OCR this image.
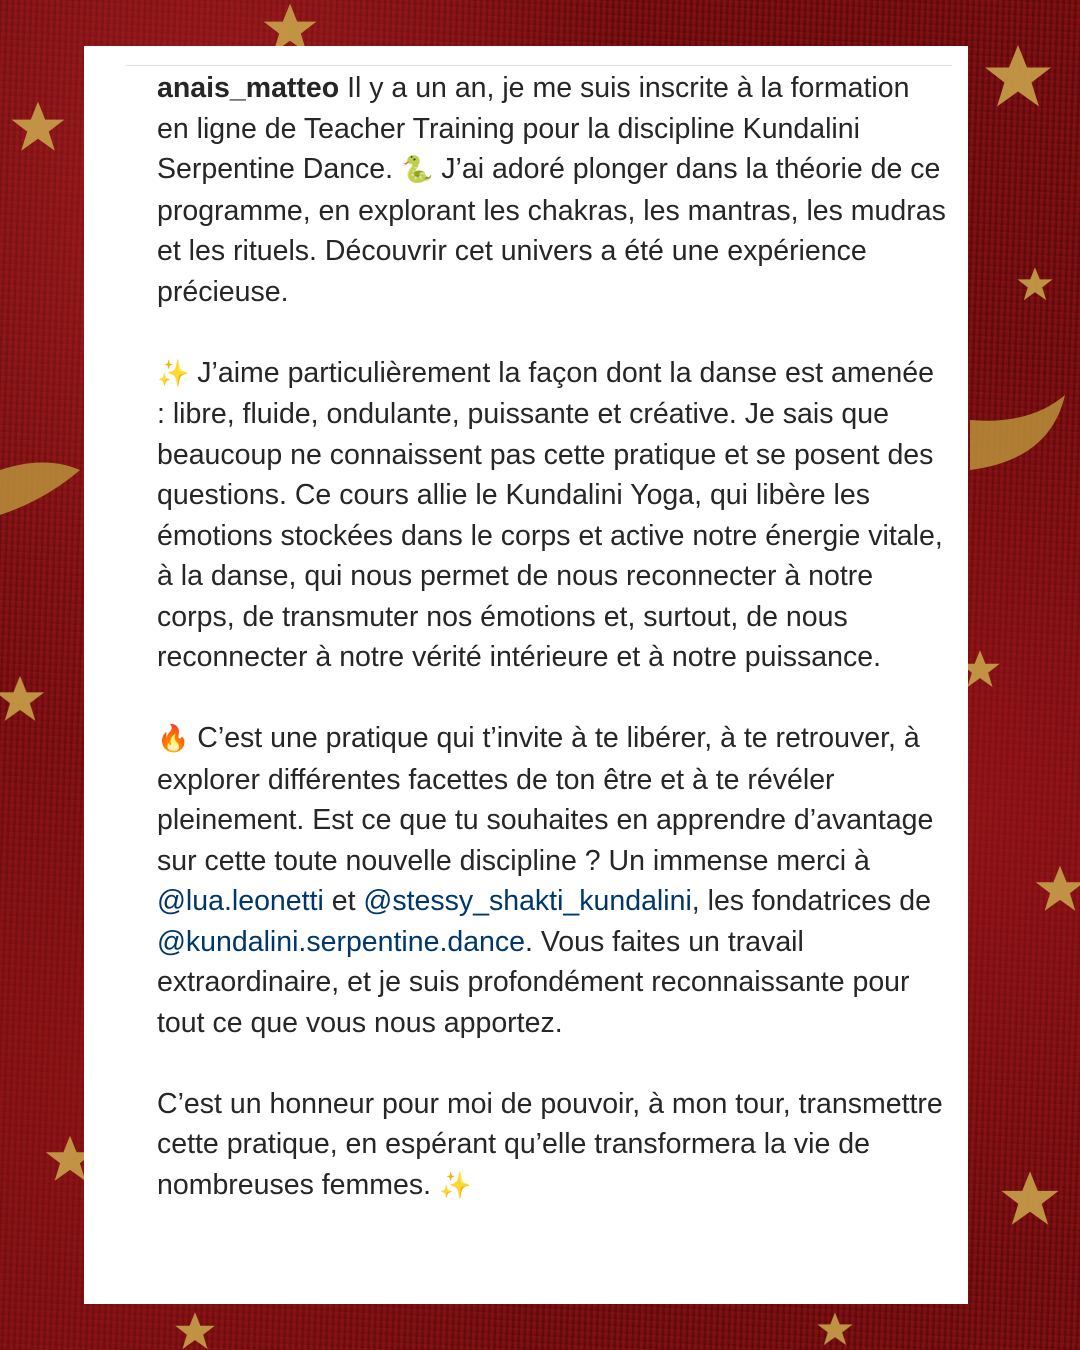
anais_matteo Il y a un an, je me suis inscrite à la formation en ligne de Teacher Training pour la discipline Kundalini Serpentine Dance. 🐍 J’ai adoré plonger dans la théorie de ce programme, en explorant les chakras, les mantras, les mudras et les rituels. Découvrir cet univers a été une expérience précieuse.

✨ J’aime particulièrement la façon dont la danse est amenée : libre, fluide, ondulante, puissante et créative. Je sais que beaucoup ne connaissent pas cette pratique et se posent des questions. Ce cours allie le Kundalini Yoga, qui libère les émotions stockées dans le corps et active notre énergie vitale, à la danse, qui nous permet de nous reconnecter à notre corps, de transmuter nos émotions et, surtout, de nous reconnecter à notre vérité intérieure et à notre puissance.

🔥 C’est une pratique qui t’invite à te libérer, à te retrouver, à explorer différentes facettes de ton être et à te révéler pleinement. Est ce que tu souhaites en apprendre d’avantage sur cette toute nouvelle discipline ? Un immense merci à @lua.leonetti et @stessy_shakti_kundalini, les fondatrices de @kundalini.serpentine.dance. Vous faites un travail extraordinaire, et je suis profondément reconnaissante pour tout ce que vous nous apportez.

C’est un honneur pour moi de pouvoir, à mon tour, transmettre cette pratique, en espérant qu’elle transformera la vie de nombreuses femmes. ✨
